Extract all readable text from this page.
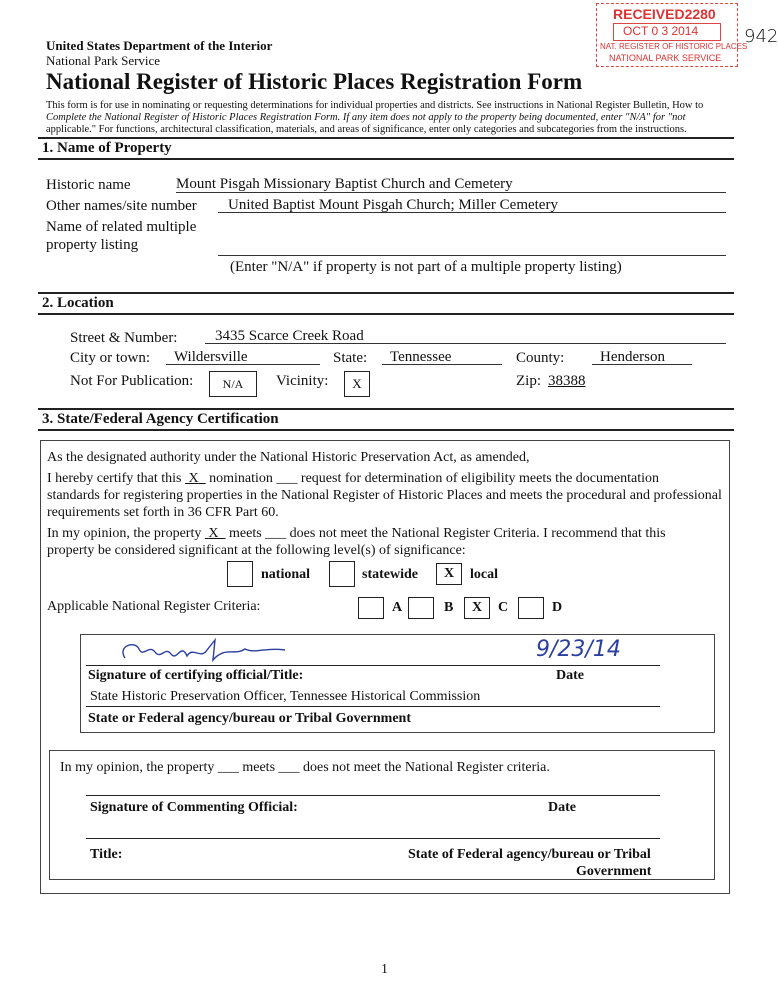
United States Department of the Interior
National Park Service
National Register of Historic Places Registration Form
942
This form is for use in nominating or requesting determinations for individual properties and districts. See instructions in National Register Bulletin, How to
Complete the National Register of Historic Places Registration Form. If any item does not apply to the property being documented, enter "N/A" for "not
applicable." For functions, architectural classification, materials, and areas of significance, enter only categories and subcategories from the instructions.
RECEIVED2280
OCT 0 3 2014
NAT. REGISTER OF HISTORIC PLACES
NATIONAL PARK SERVICE
1. Name of Property
Historic name	Mount Pisgah Missionary Baptist Church and Cemetery
Other names/site number	United Baptist Mount Pisgah Church; Miller Cemetery
Name of related multiple
property listing
(Enter "N/A" if property is not part of a multiple property listing)
2. Location
Street & Number:	3435 Scarce Creek Road
City or town:	Wildersville	State:	Tennessee	County:	Henderson
Not For Publication:	N/A	Vicinity:	X	Zip: 38388
3. State/Federal Agency Certification
As the designated authority under the National Historic Preservation Act, as amended,
I hereby certify that this X nomination ___ request for determination of eligibility meets the documentation
standards for registering properties in the National Register of Historic Places and meets the procedural and professional
requirements set forth in 36 CFR Part 60.
In my opinion, the property X meets ___ does not meet the National Register Criteria. I recommend that this
property be considered significant at the following level(s) of significance:
national	statewide	X	local
Applicable National Register Criteria:	A	B	X	C	D
9/23/14
Signature of certifying official/Title:	Date
State Historic Preservation Officer, Tennessee Historical Commission
State or Federal agency/bureau or Tribal Government
In my opinion, the property ___ meets ___ does not meet the National Register criteria.
Signature of Commenting Official:	Date
Title:	State of Federal agency/bureau or Tribal
Government
1
